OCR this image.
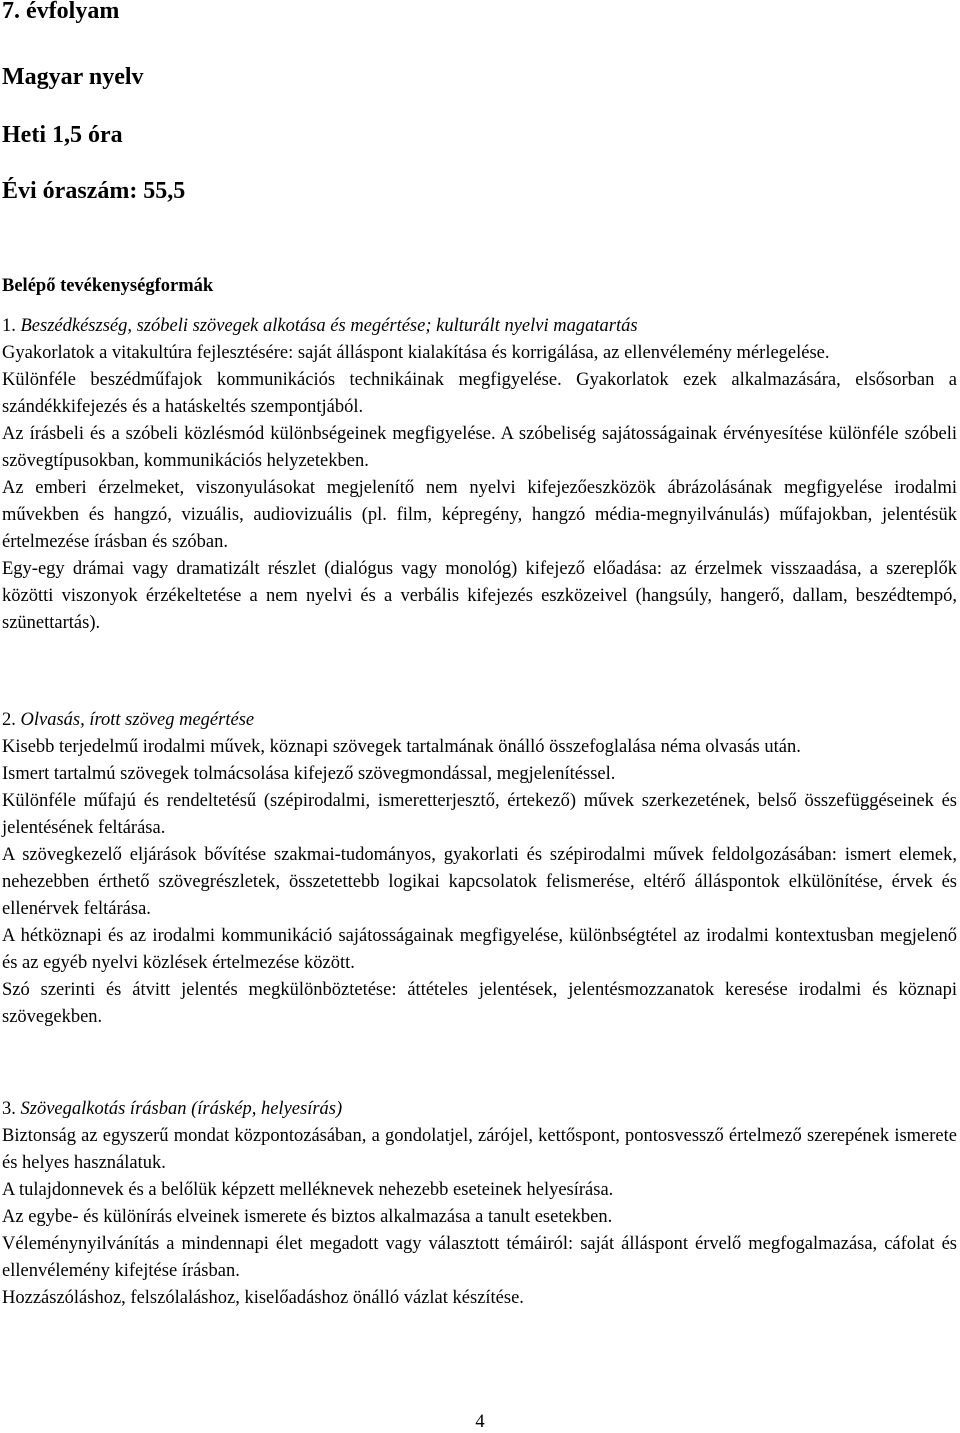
7. évfolyam

Magyar nyelv

Heti 1,5 óra

Évi óraszám: 55,5

Belépő tevékenységformák

1. Beszédkészség, szóbeli szövegek alkotása és megértése; kulturált nyelvi magatartás

Gyakorlatok a vitakultúra fejlesztésére: saját álláspont kialakítása és korrigálása, az ellenvélemény mérlegelése.

Különféle beszédműfajok kommunikációs technikáinak megfigyelése. Gyakorlatok ezek alkalmazására, elsősorban a szándékkifejezés és a hatáskeltés szempontjából.

Az írásbeli és a szóbeli közlésmód különbségeinek megfigyelése. A szóbeliség sajátosságainak érvényesítése különféle szóbeli szövegtípusokban, kommunikációs helyzetekben.

Az emberi érzelmeket, viszonyulásokat megjelenítő nem nyelvi kifejezőeszközök ábrázolásának megfigyelése irodalmi művekben és hangzó, vizuális, audiovizuális (pl. film, képregény, hangzó média-megnyilvánulás) műfajokban, jelentésük értelmezése írásban és szóban.

Egy-egy drámai vagy dramatizált részlet (dialógus vagy monológ) kifejező előadása: az érzelmek visszaadása, a szereplők közötti viszonyok érzékeltetése a nem nyelvi és a verbális kifejezés eszközeivel (hangsúly, hangerő, dallam, beszédtempó, szünettartás).

2. Olvasás, írott szöveg megértése

Kisebb terjedelmű irodalmi művek, köznapi szövegek tartalmának önálló összefoglalása néma olvasás után.

Ismert tartalmú szövegek tolmácsolása kifejező szövegmondással, megjelenítéssel.

Különféle műfajú és rendeltetésű (szépirodalmi, ismeretterjesztő, értekező) művek szerkezetének, belső összefüggéseinek és jelentésének feltárása.

A szövegkezelő eljárások bővítése szakmai-tudományos, gyakorlati és szépirodalmi művek feldolgozásában: ismert elemek, nehezebben érthető szövegrészletek, összetettebb logikai kapcsolatok felismerése, eltérő álláspontok elkülönítése, érvek és ellenérvek feltárása.

A hétköznapi és az irodalmi kommunikáció sajátosságainak megfigyelése, különbségtétel az irodalmi kontextusban megjelenő és az egyéb nyelvi közlések értelmezése között.

Szó szerinti és átvitt jelentés megkülönböztetése: áttételes jelentések, jelentésmozzanatok keresése irodalmi és köznapi szövegekben.

3. Szövegalkotás írásban (íráskép, helyesírás)

Biztonság az egyszerű mondat központozásában, a gondolatjel, zárójel, kettőspont, pontosvessző értelmező szerepének ismerete és helyes használatuk.

A tulajdonnevek és a belőlük képzett melléknevek nehezebb eseteinek helyesírása.

Az egybe- és különírás elveinek ismerete és biztos alkalmazása a tanult esetekben.

Véleménynyilvánítás a mindennapi élet megadott vagy választott témáiról: saját álláspont érvelő megfogalmazása, cáfolat és ellenvélemény kifejtése írásban.

Hozzászóláshoz, felszólaláshoz, kiselőadáshoz önálló vázlat készítése.

4
